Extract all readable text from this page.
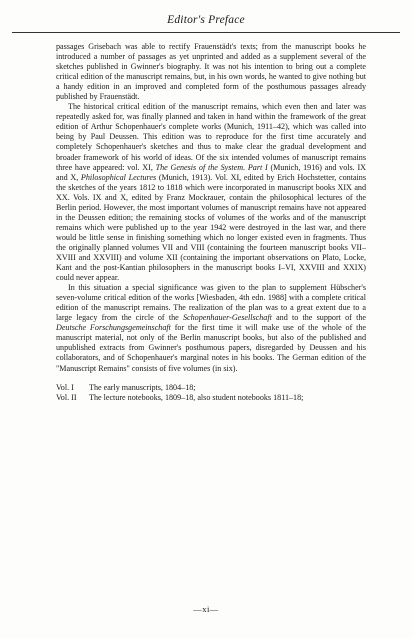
Editor's Preface

passages Grisebach was able to rectify Frauenstädt's texts; from the manuscript books he introduced a number of passages as yet unprinted and added as a supplement several of the sketches published in Gwinner's biography. It was not his intention to bring out a complete critical edition of the manuscript remains, but, in his own words, he wanted to give nothing but a handy edition in an improved and completed form of the posthumous passages already published by Frauenstädt.

The historical critical edition of the manuscript remains, which even then and later was repeatedly asked for, was finally planned and taken in hand within the framework of the great edition of Arthur Schopenhauer's complete works (Munich, 1911–42), which was called into being by Paul Deussen. This edition was to reproduce for the first time accurately and completely Schopenhauer's sketches and thus to make clear the gradual development and broader framework of his world of ideas. Of the six intended volumes of manuscript remains three have appeared: vol. XI, The Genesis of the System. Part I (Munich, 1916) and vols. IX and X, Philosophical Lectures (Munich, 1913). Vol. XI, edited by Erich Hochstetter, contains the sketches of the years 1812 to 1818 which were incorporated in manuscript books XIX and XX. Vols. IX and X, edited by Franz Mockrauer, contain the philosophical lectures of the Berlin period. However, the most important volumes of manuscript remains have not appeared in the Deussen edition; the remaining stocks of volumes of the works and of the manuscript remains which were published up to the year 1942 were destroyed in the last war, and there would be little sense in finishing something which no longer existed even in fragments. Thus the originally planned volumes VII and VIII (containing the fourteen manuscript books VII–XVIII and XXVIII) and volume XII (containing the important observations on Plato, Locke, Kant and the post-Kantian philosophers in the manuscript books I–VI, XXVIII and XXIX) could never appear.

In this situation a special significance was given to the plan to supplement Hübscher's seven-volume critical edition of the works [Wiesbaden, 4th edn. 1988] with a complete critical edition of the manuscript remains. The realization of the plan was to a great extent due to a large legacy from the circle of the Schopenhauer-Gesellschaft and to the support of the Deutsche Forschungsgemeinschaft for the first time it will make use of the whole of the manuscript material, not only of the Berlin manuscript books, but also of the published and unpublished extracts from Gwinner's posthumous papers, disregarded by Deussen and his collaborators, and of Schopenhauer's marginal notes in his books. The German edition of the "Manuscript Remains" consists of five volumes (in six).

Vol. I	The early manuscripts, 1804–18;
Vol. II	The lecture notebooks, 1809–18, also student notebooks 1811–18;
—xi—
